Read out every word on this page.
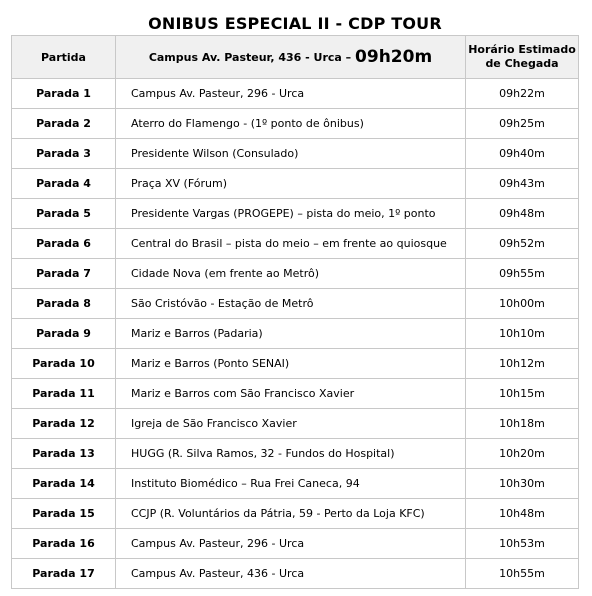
ONIBUS ESPECIAL II - CDP TOUR
Partida	Campus Av. Pasteur, 436 - Urca – 09h20m	Horário Estimado
de Chegada
Parada 1	Campus Av. Pasteur, 296 - Urca	09h22m
Parada 2	Aterro do Flamengo - (1º ponto de ônibus)	09h25m
Parada 3	Presidente Wilson (Consulado)	09h40m
Parada 4	Praça XV (Fórum)	09h43m
Parada 5	Presidente Vargas (PROGEPE) – pista do meio, 1º ponto	09h48m
Parada 6	Central do Brasil – pista do meio – em frente ao quiosque	09h52m
Parada 7	Cidade Nova (em frente ao Metrô)	09h55m
Parada 8	São Cristóvão - Estação de Metrô	10h00m
Parada 9	Mariz e Barros (Padaria)	10h10m
Parada 10	Mariz e Barros (Ponto SENAI)	10h12m
Parada 11	Mariz e Barros com São Francisco Xavier	10h15m
Parada 12	Igreja de São Francisco Xavier	10h18m
Parada 13	HUGG (R. Silva Ramos, 32 - Fundos do Hospital)	10h20m
Parada 14	Instituto Biomédico – Rua Frei Caneca, 94	10h30m
Parada 15	CCJP (R. Voluntários da Pátria, 59 - Perto da Loja KFC)	10h48m
Parada 16	Campus Av. Pasteur, 296 - Urca	10h53m
Parada 17	Campus Av. Pasteur, 436 - Urca	10h55m
